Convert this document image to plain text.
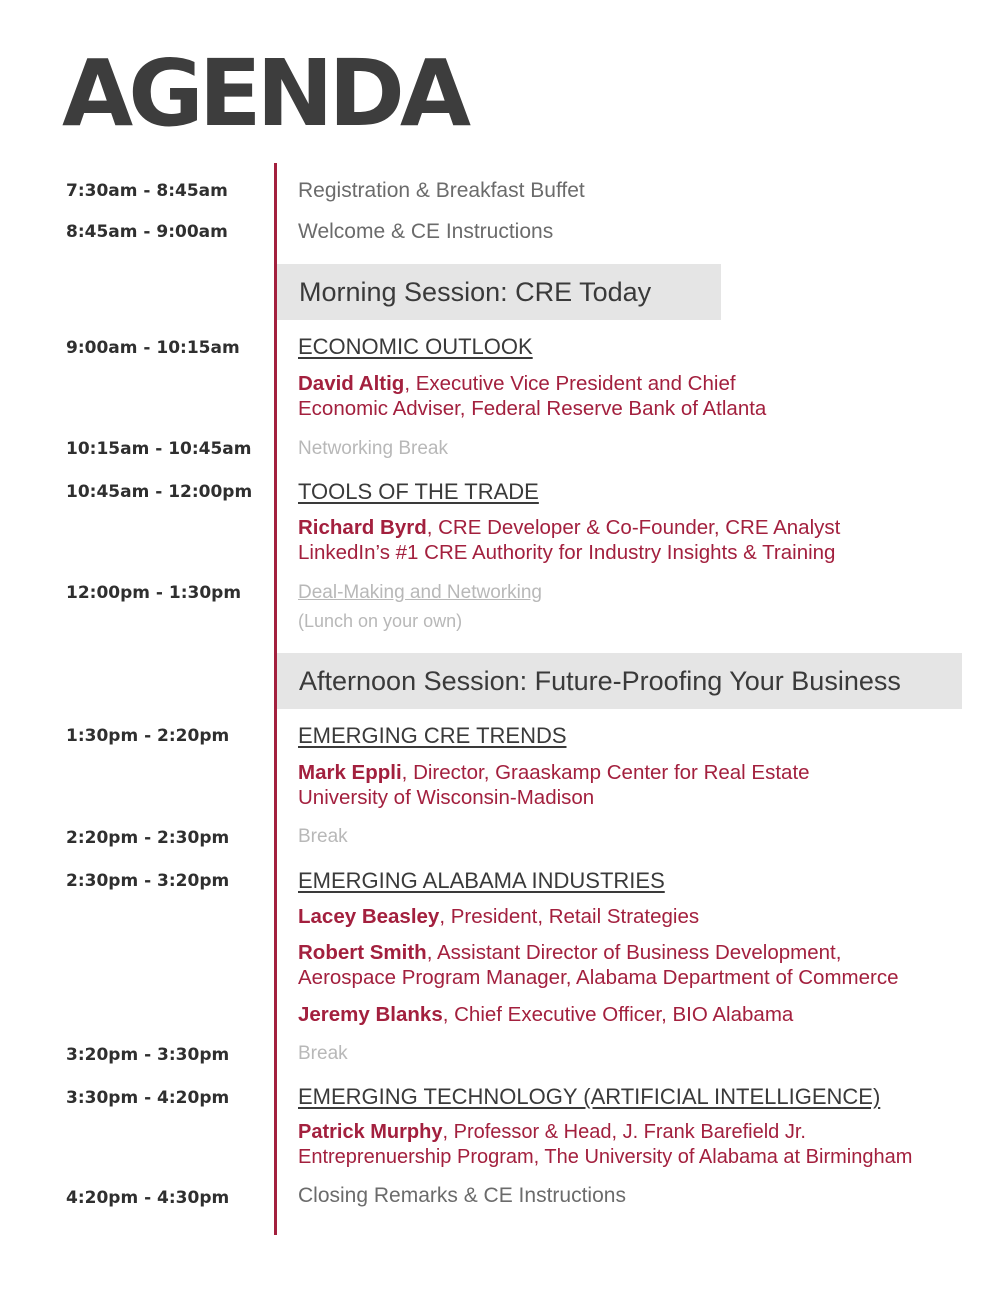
AGENDA
7:30am - 8:45am
8:45am - 9:00am
9:00am - 10:15am
10:15am - 10:45am
10:45am - 12:00pm
12:00pm - 1:30pm
1:30pm - 2:20pm
2:20pm - 2:30pm
2:30pm - 3:20pm
3:20pm - 3:30pm
3:30pm - 4:20pm
4:20pm - 4:30pm
Registration & Breakfast Buffet
Welcome & CE Instructions
Morning Session: CRE Today
ECONOMIC OUTLOOK
David Altig, Executive Vice President and Chief
Economic Adviser, Federal Reserve Bank of Atlanta
Networking Break
TOOLS OF THE TRADE
Richard Byrd, CRE Developer & Co-Founder, CRE Analyst
LinkedIn’s #1 CRE Authority for Industry Insights & Training
Deal-Making and Networking
(Lunch on your own)
Afternoon Session: Future-Proofing Your Business
EMERGING CRE TRENDS
Mark Eppli, Director, Graaskamp Center for Real Estate
University of Wisconsin-Madison
Break
EMERGING ALABAMA INDUSTRIES
Lacey Beasley, President, Retail Strategies
Robert Smith, Assistant Director of Business Development,
Aerospace Program Manager, Alabama Department of Commerce
Jeremy Blanks, Chief Executive Officer, BIO Alabama
Break
EMERGING TECHNOLOGY (ARTIFICIAL INTELLIGENCE)
Patrick Murphy, Professor & Head, J. Frank Barefield Jr.
Entreprenuership Program, The University of Alabama at Birmingham
Closing Remarks & CE Instructions
